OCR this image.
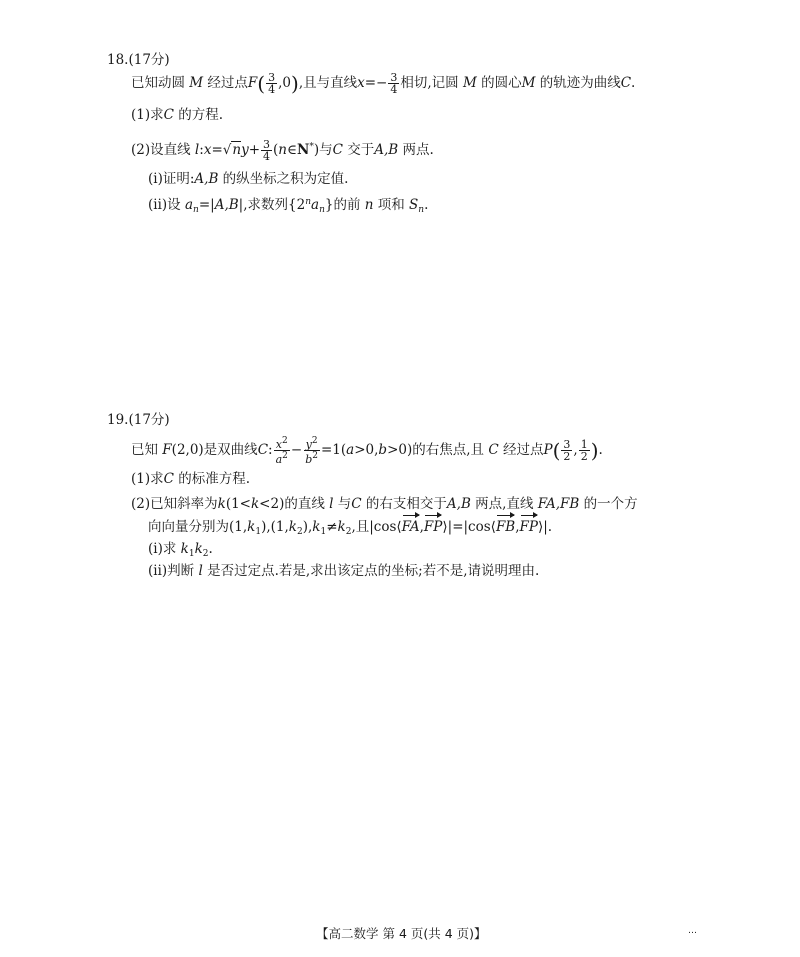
18.(17分)
已知动圆 M 经过点$F( \frac{3}{4} ,0)$,且与直线$x=- \frac{3}{4}$ 相切,记圆 M 的圆心M 的轨迹为曲线C.
(1)求C 的方程.
(2)设直线 l:x=√ny+ $\frac{3}{4}$ (n∈N*)与C 交于A,B 两点.
(ⅰ)证明:A,B 的纵坐标之积为定值.
(ⅱ)设 $a_n=|A,B|$,求数列$\{2^na_n\}$的前 n 项和 $S_n$.
19.(17分)
已知 F(2,0)是双曲线C: $\frac{x^2}{a^2} - \frac{y^2}{b^2} =1(a>0,b>0)$的右焦点,且 C 经过点$P( \frac{3}{2}$ , $\frac{1}{2}$ ).
(1)求C 的标准方程.
(2)已知斜率为k(1<k<2)的直线 l 与C 的右支相交于A,B 两点,直线 FA,FB 的一个方
向向量分别为$(1,k_1),(1,k_2),k_1\ne k_2$,且|cos⟨FA,FP⟩|=|cos⟨FB,FP⟩|.
(ⅰ)求 $k_1k_2$.
(ⅱ)判断 l 是否过定点.若是,求出该定点的坐标;若不是,请说明理由.
【高二数学 第 4 页(共 4 页)】	…
